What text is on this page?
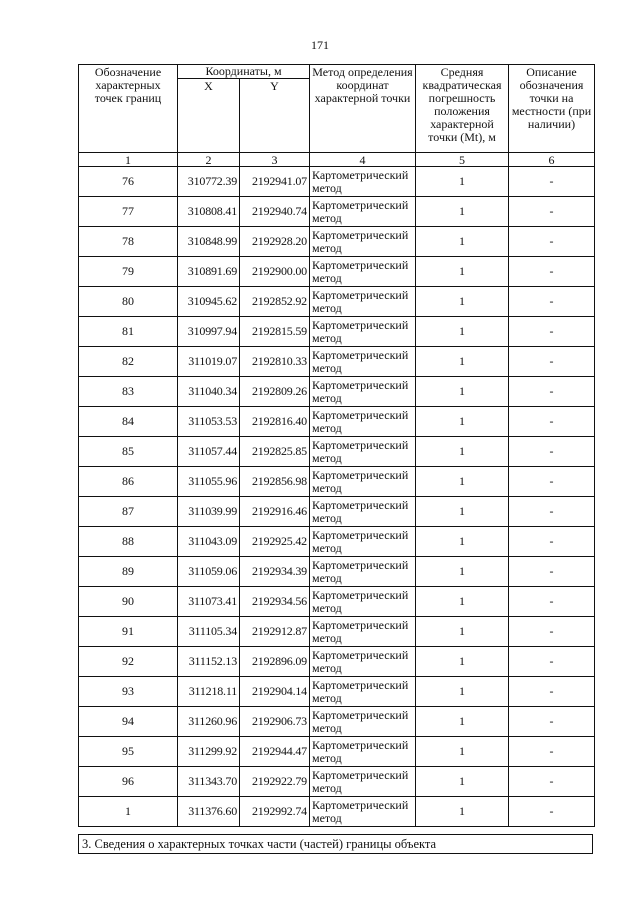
171
Обозначение характерных точек границ	Координаты, м		Метод определения координат характерной точки	Средняя квадратическая погрешность положения характерной точки (Mt), м	Описание обозначения точки на местности (при наличии)
	X	Y			
1	2	3	4	5	6
76	310772.39	2192941.07	Картометрический метод	1	-
77	310808.41	2192940.74	Картометрический метод	1	-
78	310848.99	2192928.20	Картометрический метод	1	-
79	310891.69	2192900.00	Картометрический метод	1	-
80	310945.62	2192852.92	Картометрический метод	1	-
81	310997.94	2192815.59	Картометрический метод	1	-
82	311019.07	2192810.33	Картометрический метод	1	-
83	311040.34	2192809.26	Картометрический метод	1	-
84	311053.53	2192816.40	Картометрический метод	1	-
85	311057.44	2192825.85	Картометрический метод	1	-
86	311055.96	2192856.98	Картометрический метод	1	-
87	311039.99	2192916.46	Картометрический метод	1	-
88	311043.09	2192925.42	Картометрический метод	1	-
89	311059.06	2192934.39	Картометрический метод	1	-
90	311073.41	2192934.56	Картометрический метод	1	-
91	311105.34	2192912.87	Картометрический метод	1	-
92	311152.13	2192896.09	Картометрический метод	1	-
93	311218.11	2192904.14	Картометрический метод	1	-
94	311260.96	2192906.73	Картометрический метод	1	-
95	311299.92	2192944.47	Картометрический метод	1	-
96	311343.70	2192922.79	Картометрический метод	1	-
1	311376.60	2192992.74	Картометрический метод	1	-
3. Сведения о характерных точках части (частей) границы объекта
